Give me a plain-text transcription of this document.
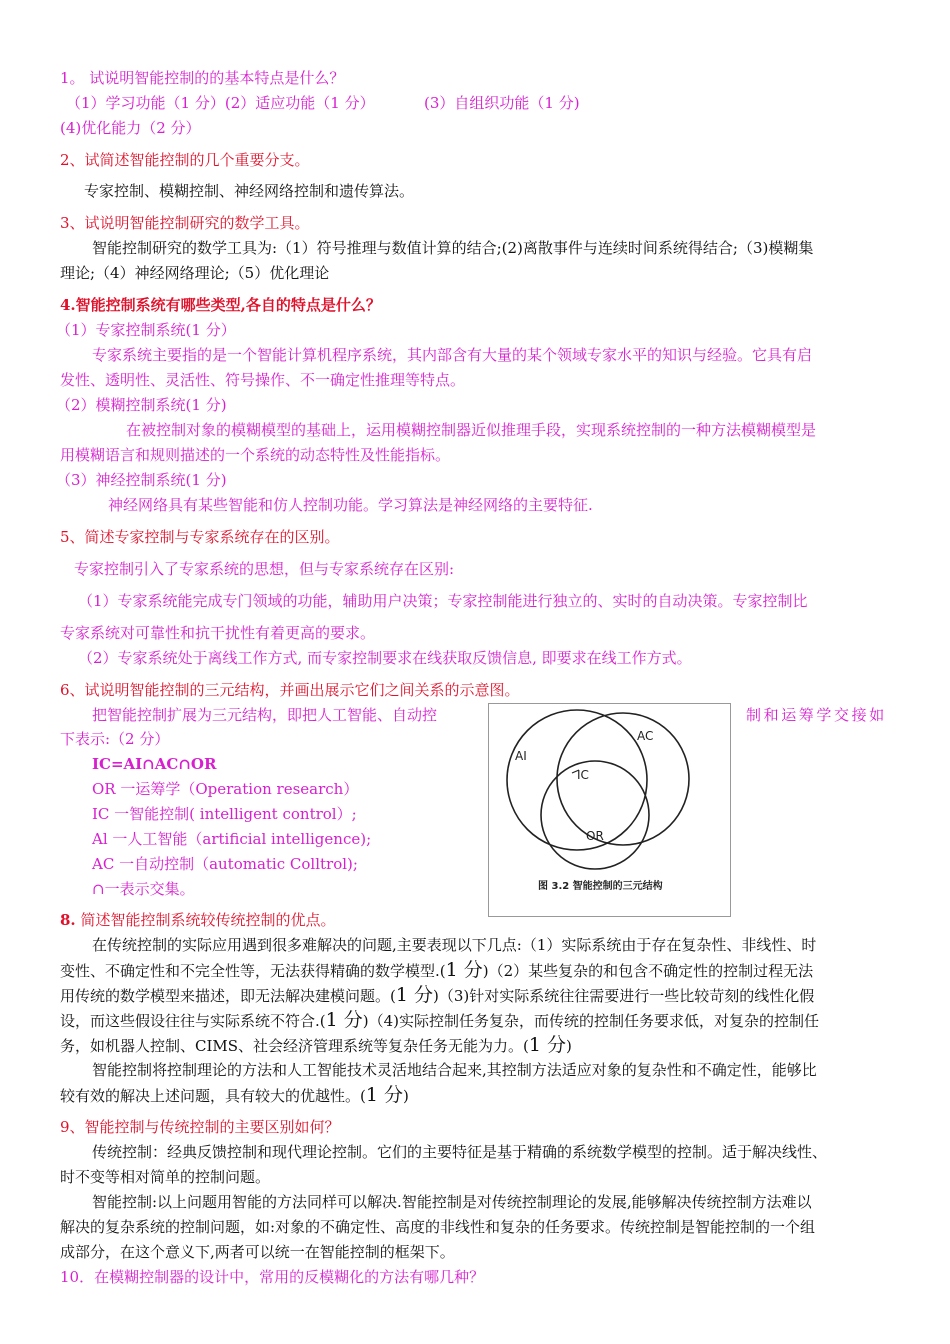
1。 试说明智能控制的的基本特点是什么？
（1）学习功能（1 分）(2）适应功能（1 分）	(3）自组织功能（1 分)
(4)优化能力（2 分）
2、试简述智能控制的几个重要分支。
专家控制、模糊控制、神经网络控制和遗传算法。
3、试说明智能控制研究的数学工具。
智能控制研究的数学工具为:（1）符号推理与数值计算的结合;(2)离散事件与连续时间系统得结合;（3)模糊集
理论;（4）神经网络理论;（5）优化理论
4.智能控制系统有哪些类型,各自的特点是什么？
（1）专家控制系统(1 分）
专家系统主要指的是一个智能计算机程序系统，其内部含有大量的某个领域专家水平的知识与经验。它具有启
发性、透明性、灵活性、符号操作、不一确定性推理等特点。
（2）模糊控制系统(1 分)
在被控制对象的模糊模型的基础上，运用模糊控制器近似推理手段，实现系统控制的一种方法模糊模型是
用模糊语言和规则描述的一个系统的动态特性及性能指标。
（3）神经控制系统(1 分)
神经网络具有某些智能和仿人控制功能。学习算法是神经网络的主要特征.
5、简述专家控制与专家系统存在的区别。
专家控制引入了专家系统的思想，但与专家系统存在区别:
（1）专家系统能完成专门领域的功能，辅助用户决策；专家控制能进行独立的、实时的自动决策。专家控制比
专家系统对可靠性和抗干扰性有着更高的要求。
（2）专家系统处于离线工作方式, 而专家控制要求在线获取反馈信息, 即要求在线工作方式。
6、试说明智能控制的三元结构，并画出展示它们之间关系的示意图。
把智能控制扩展为三元结构，即把人工智能、自动控	制和运筹学交接如
下表示:（2 分）
IC=AI∩AC∩OR
OR 一运筹学（Operation research）
IC 一智能控制( intelligent control）;
Al 一人工智能（artificial intelligence);
AC 一自动控制（automatic Colltrol);
∩一表示交集。
AI
AC
IC
OR
图 3.2 智能控制的三元结构
8. 简述智能控制系统较传统控制的优点。
在传统控制的实际应用遇到很多难解决的问题,主要表现以下几点:（1）实际系统由于存在复杂性、非线性、时
变性、不确定性和不完全性等，无法获得精确的数学模型.(1 分)（2）某些复杂的和包含不确定性的控制过程无法
用传统的数学模型来描述，即无法解决建模问题。(1 分)（3)针对实际系统往往需要进行一些比较苛刻的线性化假
设，而这些假设往往与实际系统不符合.(1 分)（4)实际控制任务复杂，而传统的控制任务要求低，对复杂的控制任
务，如机器人控制、CIMS、社会经济管理系统等复杂任务无能为力。(1 分)
智能控制将控制理论的方法和人工智能技术灵活地结合起来,其控制方法适应对象的复杂性和不确定性，能够比
较有效的解决上述问题，具有较大的优越性。(1 分)
9、智能控制与传统控制的主要区别如何？
传统控制：经典反馈控制和现代理论控制。它们的主要特征是基于精确的系统数学模型的控制。适于解决线性、
时不变等相对简单的控制问题。
智能控制:以上问题用智能的方法同样可以解决.智能控制是对传统控制理论的发展,能够解决传统控制方法难以
解决的复杂系统的控制问题，如:对象的不确定性、高度的非线性和复杂的任务要求。传统控制是智能控制的一个组
成部分，在这个意义下,两者可以统一在智能控制的框架下。
10．在模糊控制器的设计中，常用的反模糊化的方法有哪几种？
